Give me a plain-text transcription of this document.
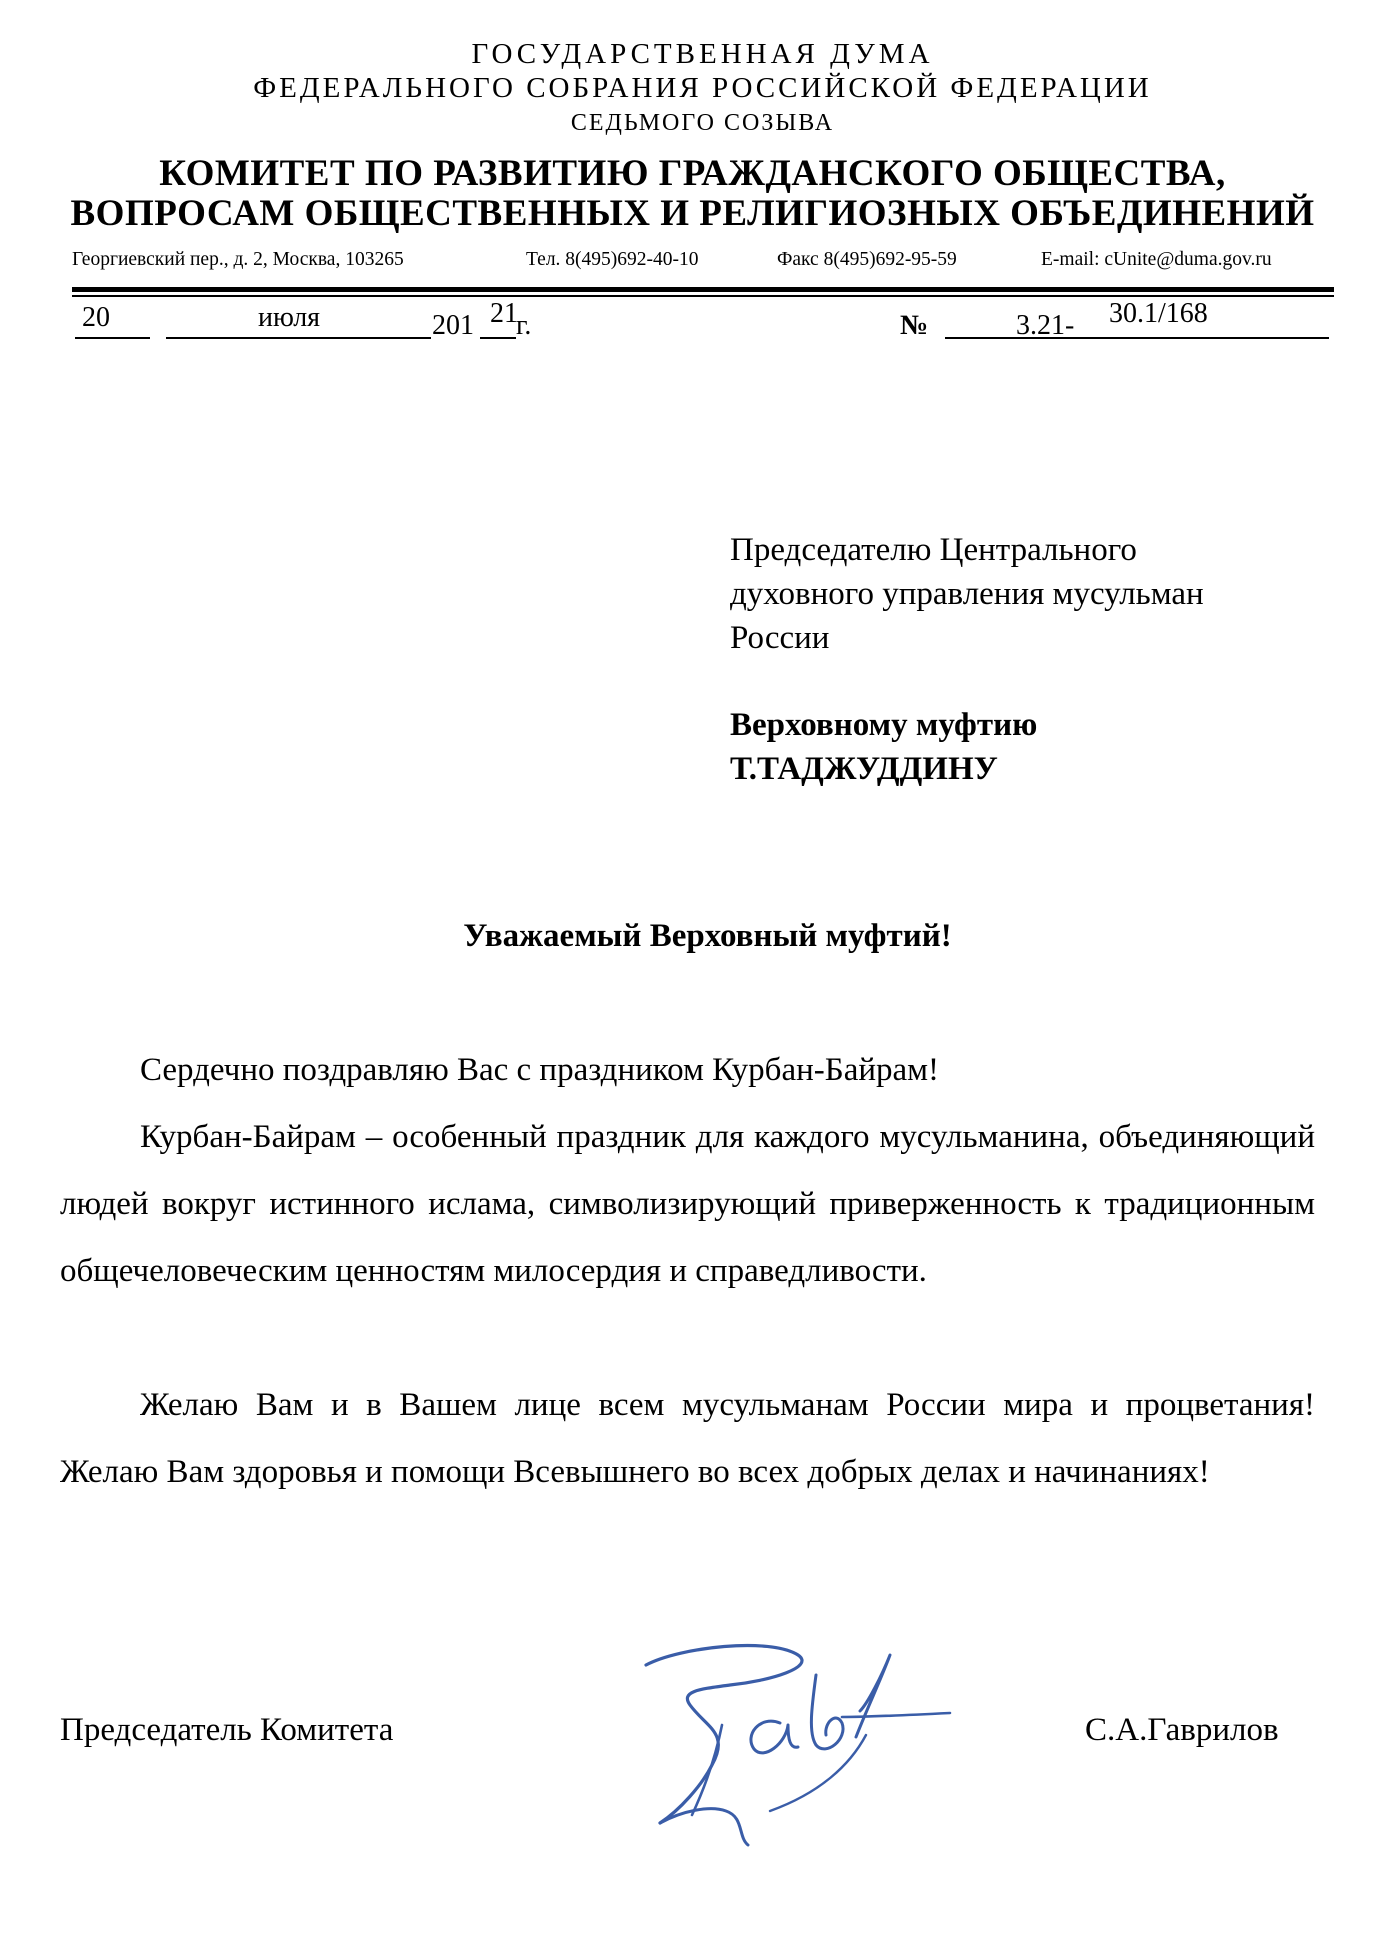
ГОСУДАРСТВЕННАЯ ДУМА
ФЕДЕРАЛЬНОГО СОБРАНИЯ РОССИЙСКОЙ ФЕДЕРАЦИИ
СЕДЬМОГО СОЗЫВА
КОМИТЕТ ПО РАЗВИТИЮ ГРАЖДАНСКОГО ОБЩЕСТВА,
ВОПРОСАМ ОБЩЕСТВЕННЫХ И РЕЛИГИОЗНЫХ ОБЪЕДИНЕНИЙ
Георгиевский пер., д. 2, Москва, 103265	Тел. 8(495)692-40-10	Факс 8(495)692-95-59	E-mail: cUnite@duma.gov.ru
20	июля	201 21
г.	№	3.21- 30.1/168
Председателю Центрального
духовного управления мусульман
России
Верховному муфтию
Т.ТАДЖУДДИНУ
Уважаемый Верховный муфтий!

Сердечно поздравляю Вас с праздником Курбан-Байрам!

Курбан-Байрам – особенный праздник для каждого мусульманина, объединяющий людей вокруг истинного ислама, символизирующий приверженность к традиционным общечеловеческим ценностям милосердия и справедливости.

Желаю Вам и в Вашем лице всем мусульманам России мира и процветания! Желаю Вам здоровья и помощи Всевышнего во всех добрых делах и начинаниях!

Председатель Комитета	С.А.Гаврилов
